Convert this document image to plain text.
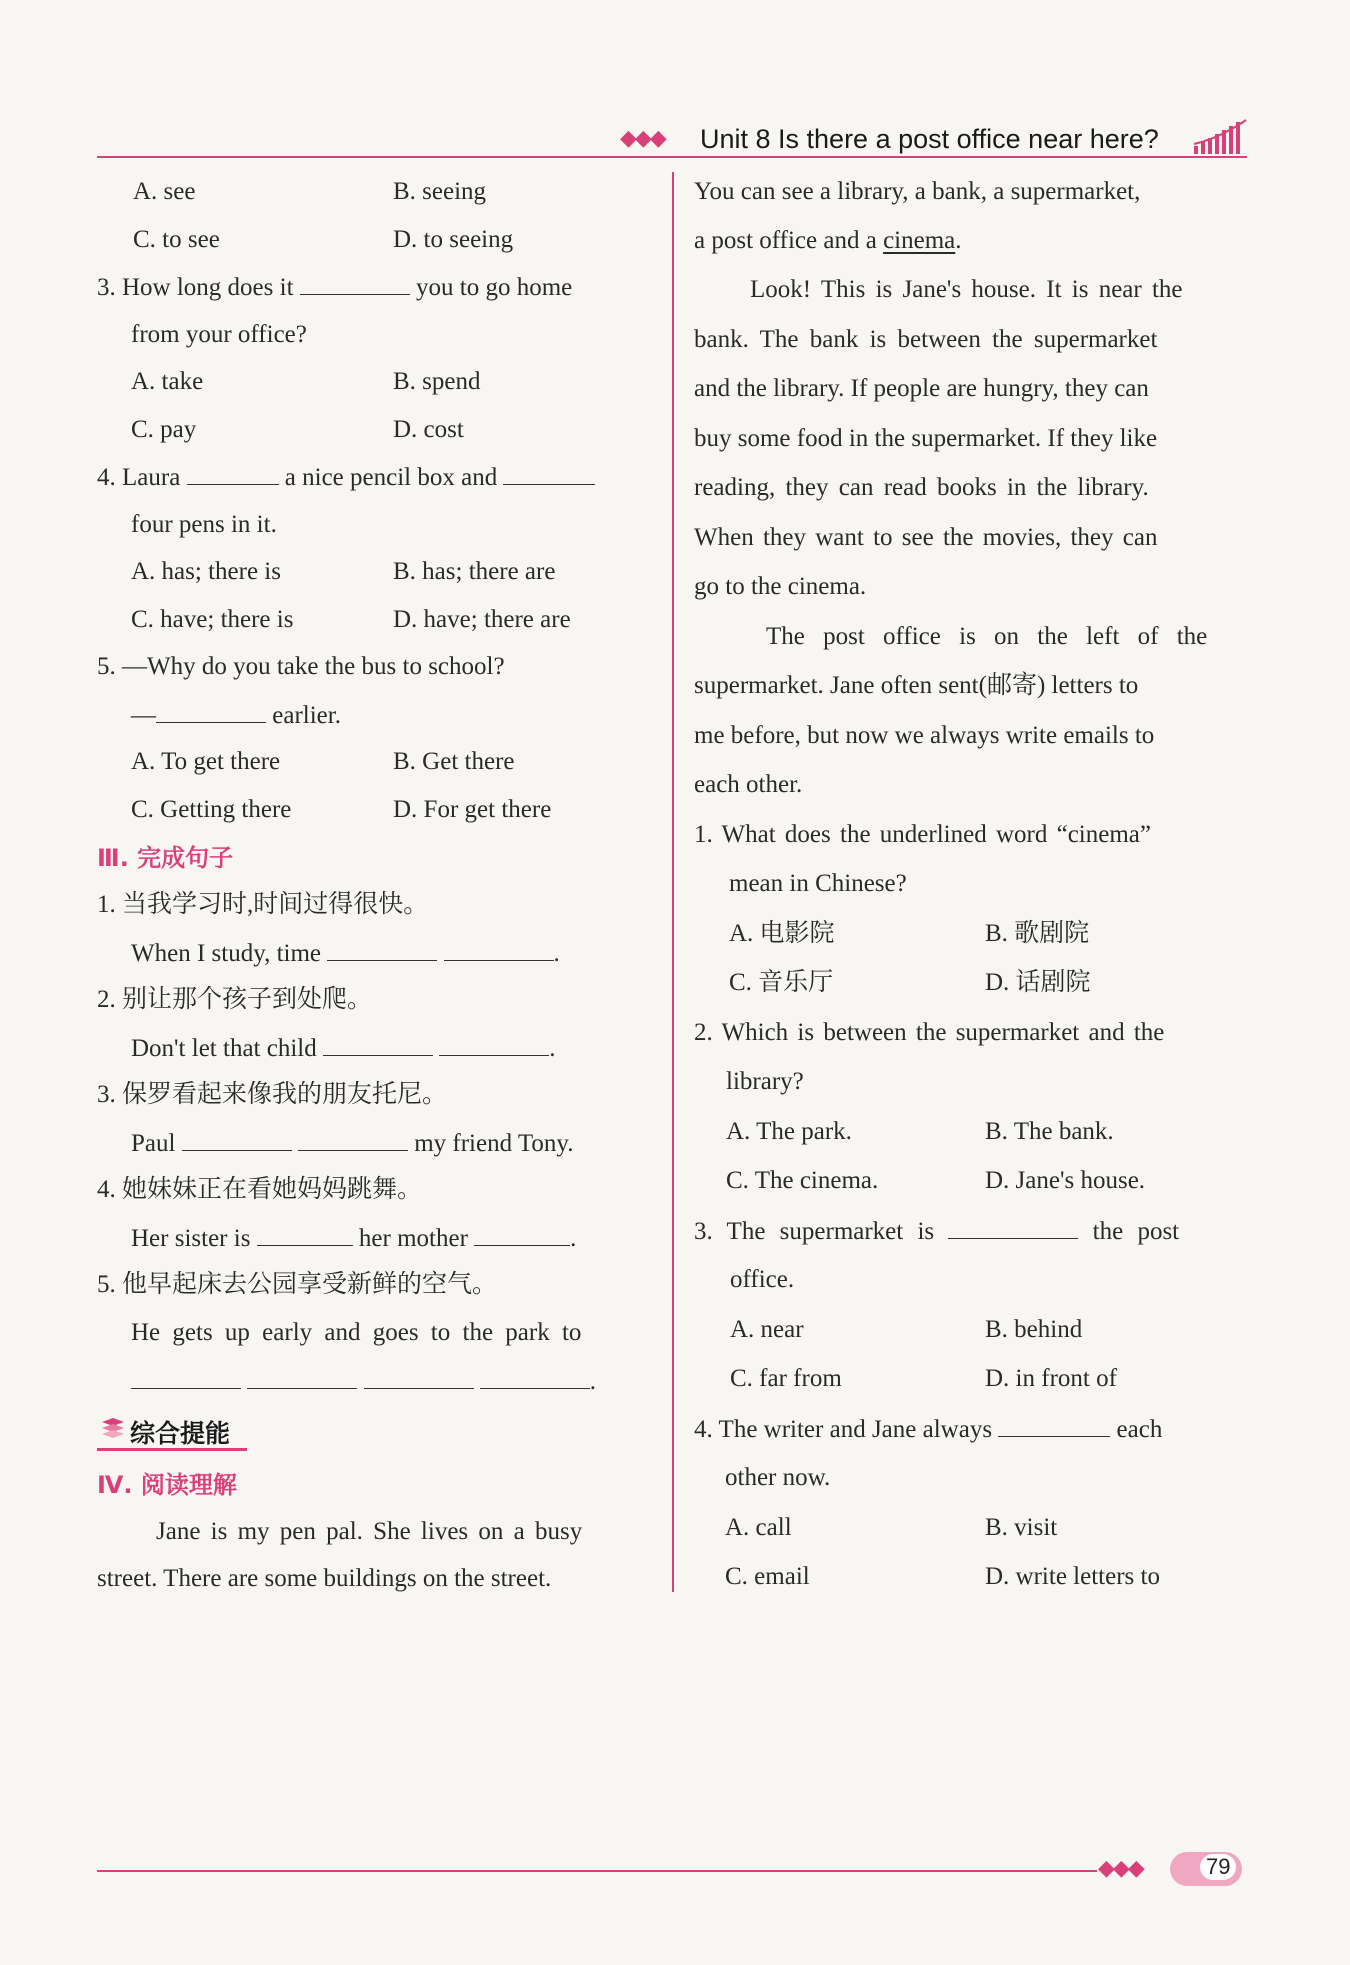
◆◆◆ Unit 8 Is there a post office near here?
A. see	B. seeing
C. to see	D. to seeing
3. How long does it	you to go home
from your office?
A. take	B. spend
C. pay	D. cost
4. Laura	a nice pencil box and
four pens in it.
A. has; there is	B. has; there are
C. have; there is	D. have; there are
5. —Why do you take the bus to school?
—	earlier.
A. To get there	B. Get there
C. Getting there	D. For get there
Ⅲ. 完成句子
1. 当我学习时,时间过得很快。
When I study, time	.
2. 别让那个孩子到处爬。
Don't let that child	.
3. 保罗看起来像我的朋友托尼。
Paul	my friend Tony.
4. 她妹妹正在看她妈妈跳舞。
Her sister is	her mother	.
5. 他早起床去公园享受新鲜的空气。
He gets up early and goes to the park to
.
综合提能
Ⅳ. 阅读理解
Jane is my pen pal. She lives on a busy
street. There are some buildings on the street.
You can see a library, a bank, a supermarket,
a post office and a cinema.
Look! This is Jane's house. It is near the
bank. The bank is between the supermarket
and the library. If people are hungry, they can
buy some food in the supermarket. If they like
reading, they can read books in the library.
When they want to see the movies, they can
go to the cinema.
The post office is on the left of the
supermarket. Jane often sent(邮寄) letters to
me before, but now we always write emails to
each other.
1. What does the underlined word “cinema”
mean in Chinese?
A. 电影院	B. 歌剧院
C. 音乐厅	D. 话剧院
2. Which is between the supermarket and the
library?
A. The park.	B. The bank.
C. The cinema.	D. Jane's house.
3. The supermarket is	the post
office.
A. near	B. behind
C. far from	D. in front of
4. The writer and Jane always	each
other now.
A. call	B. visit
C. email	D. write letters to
◆◆◆	79
